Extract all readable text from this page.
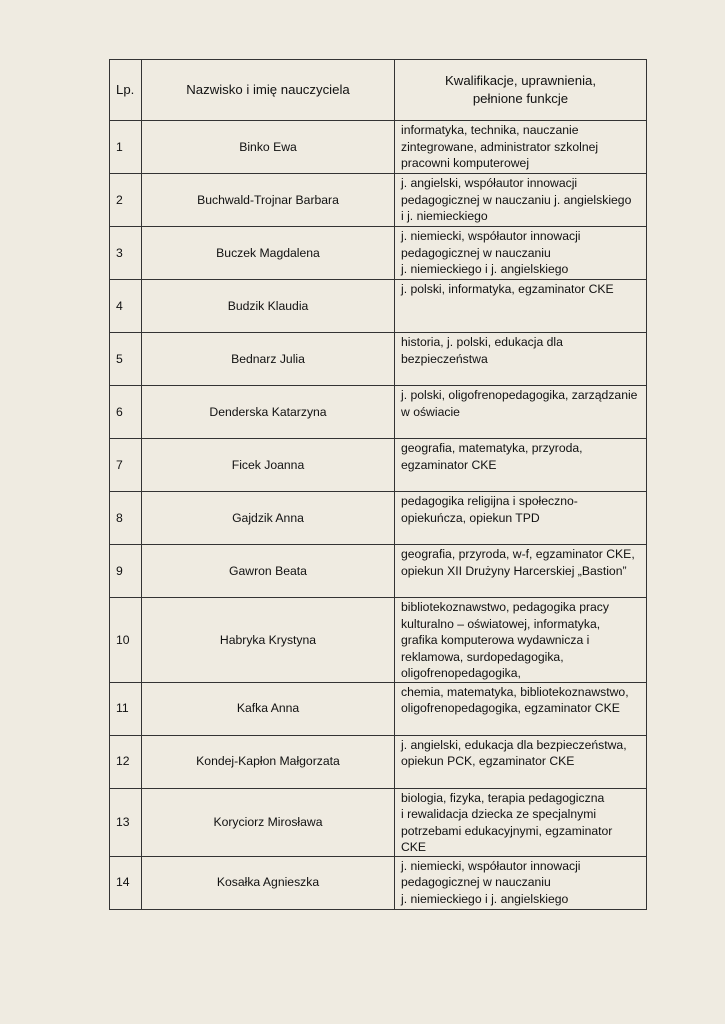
Lp.	Nazwisko i imię nauczyciela	Kwalifikacje, uprawnienia,
pełnione funkcje

1	Binko Ewa	informatyka, technika, nauczanie
zintegrowane, administrator szkolnej
pracowni komputerowej
2	Buchwald-Trojnar Barbara	j. angielski, współautor innowacji
pedagogicznej w nauczaniu j. angielskiego
i j. niemieckiego
3	Buczek Magdalena	j. niemiecki, współautor innowacji
pedagogicznej w nauczaniu
j. niemieckiego i j. angielskiego
4	Budzik Klaudia	j. polski, informatyka, egzaminator CKE
5	Bednarz Julia	historia, j. polski, edukacja dla
bezpieczeństwa
6	Denderska Katarzyna	j. polski, oligofrenopedagogika, zarządzanie
w oświacie
7	Ficek Joanna	geografia, matematyka, przyroda,
egzaminator CKE
8	Gajdzik Anna	pedagogika religijna i społeczno-
opiekuńcza, opiekun TPD
9	Gawron Beata	geografia, przyroda, w-f, egzaminator CKE,
opiekun XII Drużyny Harcerskiej „Bastion”
10	Habryka Krystyna	bibliotekoznawstwo, pedagogika pracy
kulturalno – oświatowej, informatyka,
grafika komputerowa wydawnicza i
reklamowa, surdopedagogika,
oligofrenopedagogika,
11	Kafka Anna	chemia, matematyka, bibliotekoznawstwo,
oligofrenopedagogika, egzaminator CKE
12	Kondej-Kapłon Małgorzata	j. angielski, edukacja dla bezpieczeństwa,
opiekun PCK, egzaminator CKE
13	Koryciorz Mirosława	biologia, fizyka, terapia pedagogiczna
i rewalidacja dziecka ze specjalnymi
potrzebami edukacyjnymi, egzaminator
CKE
14	Kosałka Agnieszka	j. niemiecki, współautor innowacji
pedagogicznej w nauczaniu
j. niemieckiego i j. angielskiego
